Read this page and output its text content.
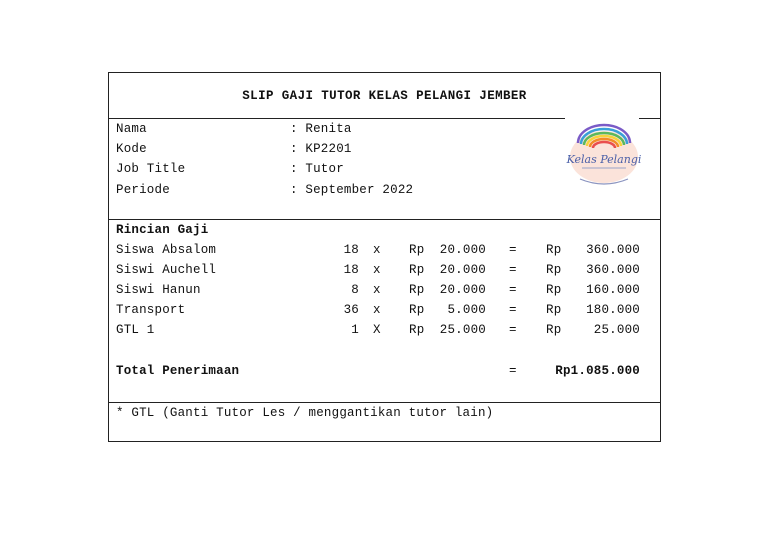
SLIP GAJI TUTOR KELAS PELANGI JEMBER
Nama	: Renita
Kode	: KP2201
Job Title	: Tutor
Periode	: September 2022
Kelas Pelangi
Rincian Gaji
Siswa Absalom	18 x Rp	20.000 = Rp	360.000
Siswi Auchell	18 x Rp	20.000 = Rp	360.000
Siswi Hanun	8 x Rp	20.000 = Rp	160.000
Transport	36 x Rp	5.000 = Rp	180.000
GTL 1	1 X Rp	25.000 = Rp	25.000
Total Penerimaan	=	Rp1.085.000
* GTL (Ganti Tutor Les / menggantikan tutor lain)
